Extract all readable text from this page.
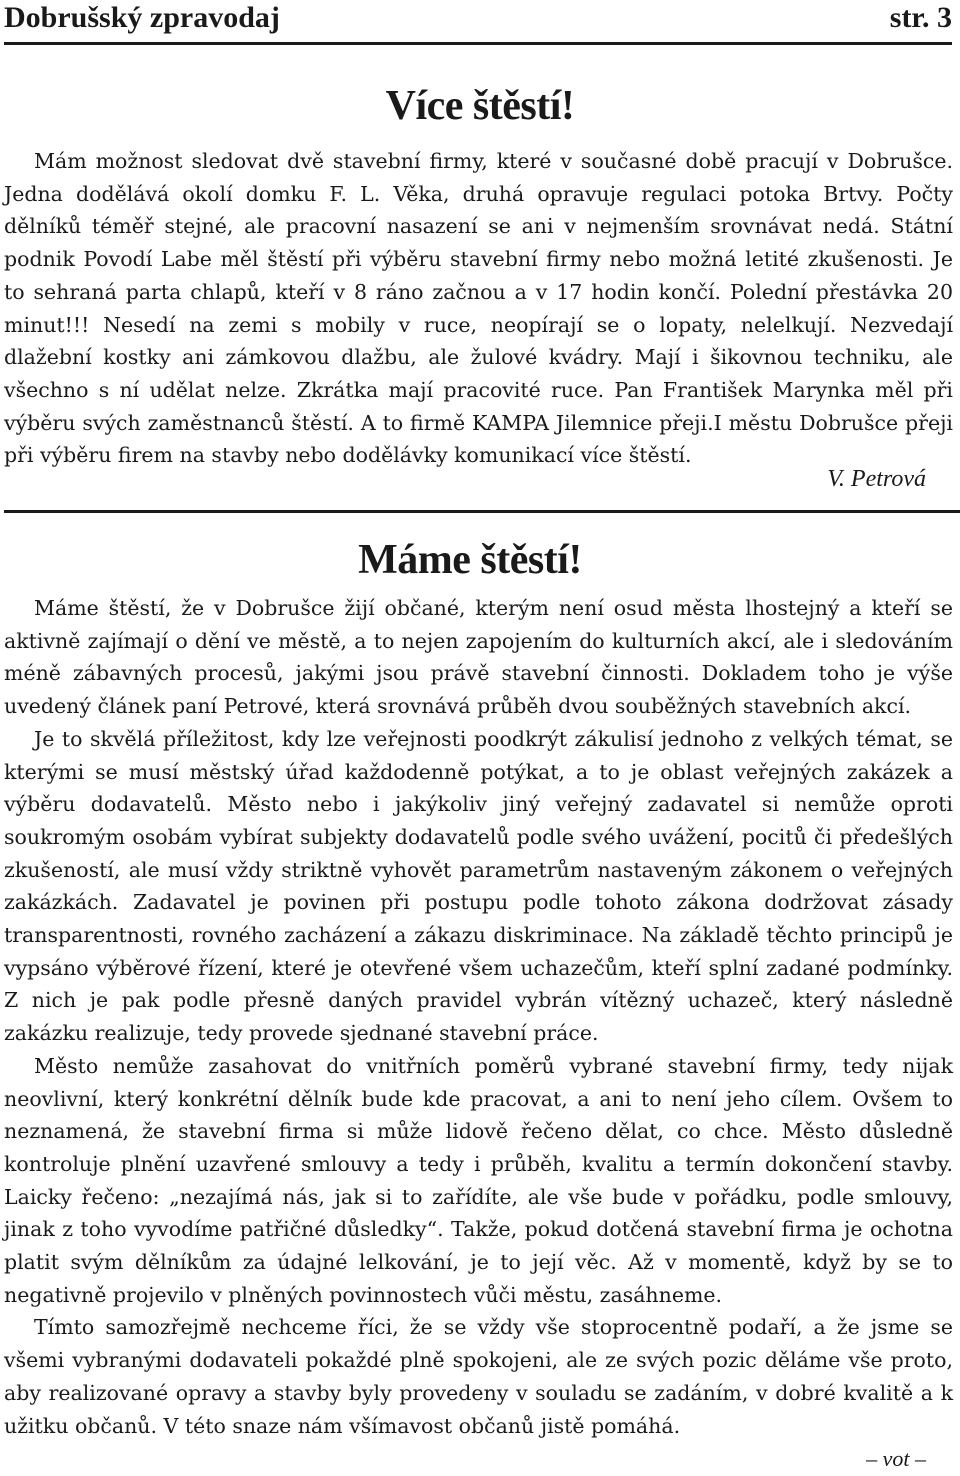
Dobrušský zpravodaj	str. 3
Více štěstí!

Mám možnost sledovat dvě stavební firmy, které v současné době pracují v Dobrušce. Jedna dodělává okolí domku F. L. Věka, druhá opravuje regulaci potoka Brtvy. Počty dělníků téměř stejné, ale pracovní nasazení se ani v nejmenším srovnávat nedá. Státní podnik Povodí Labe měl štěstí při výběru stavební firmy nebo možná letité zkušenosti. Je to sehraná parta chlapů, kteří v 8 ráno začnou a v 17 hodin končí. Polední přestávka 20 minut!!! Nesedí na zemi s mobily v ruce, neopírají se o lopaty, nelelkují. Nezvedají dlažební kostky ani zámkovou dlažbu, ale žulové kvádry. Mají i šikovnou techniku, ale všechno s ní udělat nelze. Zkrátka mají pracovité ruce. Pan František Marynka měl při výběru svých zaměstnanců štěstí. A to firmě KAMPA Jilemnice přeji.I městu Dobrušce přeji při výběru firem na stavby nebo dodělávky komunikací více štěstí.

V. Petrová
Máme štěstí!

Máme štěstí, že v Dobrušce žijí občané, kterým není osud města lhostejný a kteří se aktivně zajímají o dění ve městě, a to nejen zapojením do kulturních akcí, ale i sledováním méně zábavných procesů, jakými jsou právě stavební činnosti. Dokladem toho je výše uvedený článek paní Petrové, která srovnává průběh dvou souběžných stavebních akcí.

Je to skvělá příležitost, kdy lze veřejnosti poodkrýt zákulisí jednoho z velkých témat, se kterými se musí městský úřad každodenně potýkat, a to je oblast veřejných zakázek a výběru dodavatelů. Město nebo i jakýkoliv jiný veřejný zadavatel si nemůže oproti soukromým osobám vybírat subjekty dodavatelů podle svého uvážení, pocitů či předešlých zkušeností, ale musí vždy striktně vyhovět parametrům nastaveným zákonem o veřejných zakázkách. Zadavatel je povinen při postupu podle tohoto zákona dodržovat zásady transparentnosti, rovného zacházení a zákazu diskriminace. Na základě těchto principů je vypsáno výběrové řízení, které je otevřené všem uchazečům, kteří splní zadané podmínky. Z nich je pak podle přesně daných pravidel vybrán vítězný uchazeč, který následně zakázku realizuje, tedy provede sjednané stavební práce.

Město nemůže zasahovat do vnitřních poměrů vybrané stavební firmy, tedy nijak neovlivní, který konkrétní dělník bude kde pracovat, a ani to není jeho cílem. Ovšem to neznamená, že stavební firma si může lidově řečeno dělat, co chce. Město důsledně kontroluje plnění uzavřené smlouvy a tedy i průběh, kvalitu a termín dokončení stavby. Laicky řečeno: „nezajímá nás, jak si to zařídíte, ale vše bude v pořádku, podle smlouvy, jinak z toho vyvodíme patřičné důsledky“. Takže, pokud dotčená stavební firma je ochotna platit svým dělníkům za údajné lelkování, je to její věc. Až v momentě, když by se to negativně projevilo v plněných povinnostech vůči městu, zasáhneme.

Tímto samozřejmě nechceme říci, že se vždy vše stoprocentně podaří, a že jsme se všemi vybranými dodavateli pokaždé plně spokojeni, ale ze svých pozic děláme vše proto, aby realizované opravy a stavby byly provedeny v souladu se zadáním, v dobré kvalitě a k užitku občanů. V této snaze nám všímavost občanů jistě pomáhá.

– vot –
